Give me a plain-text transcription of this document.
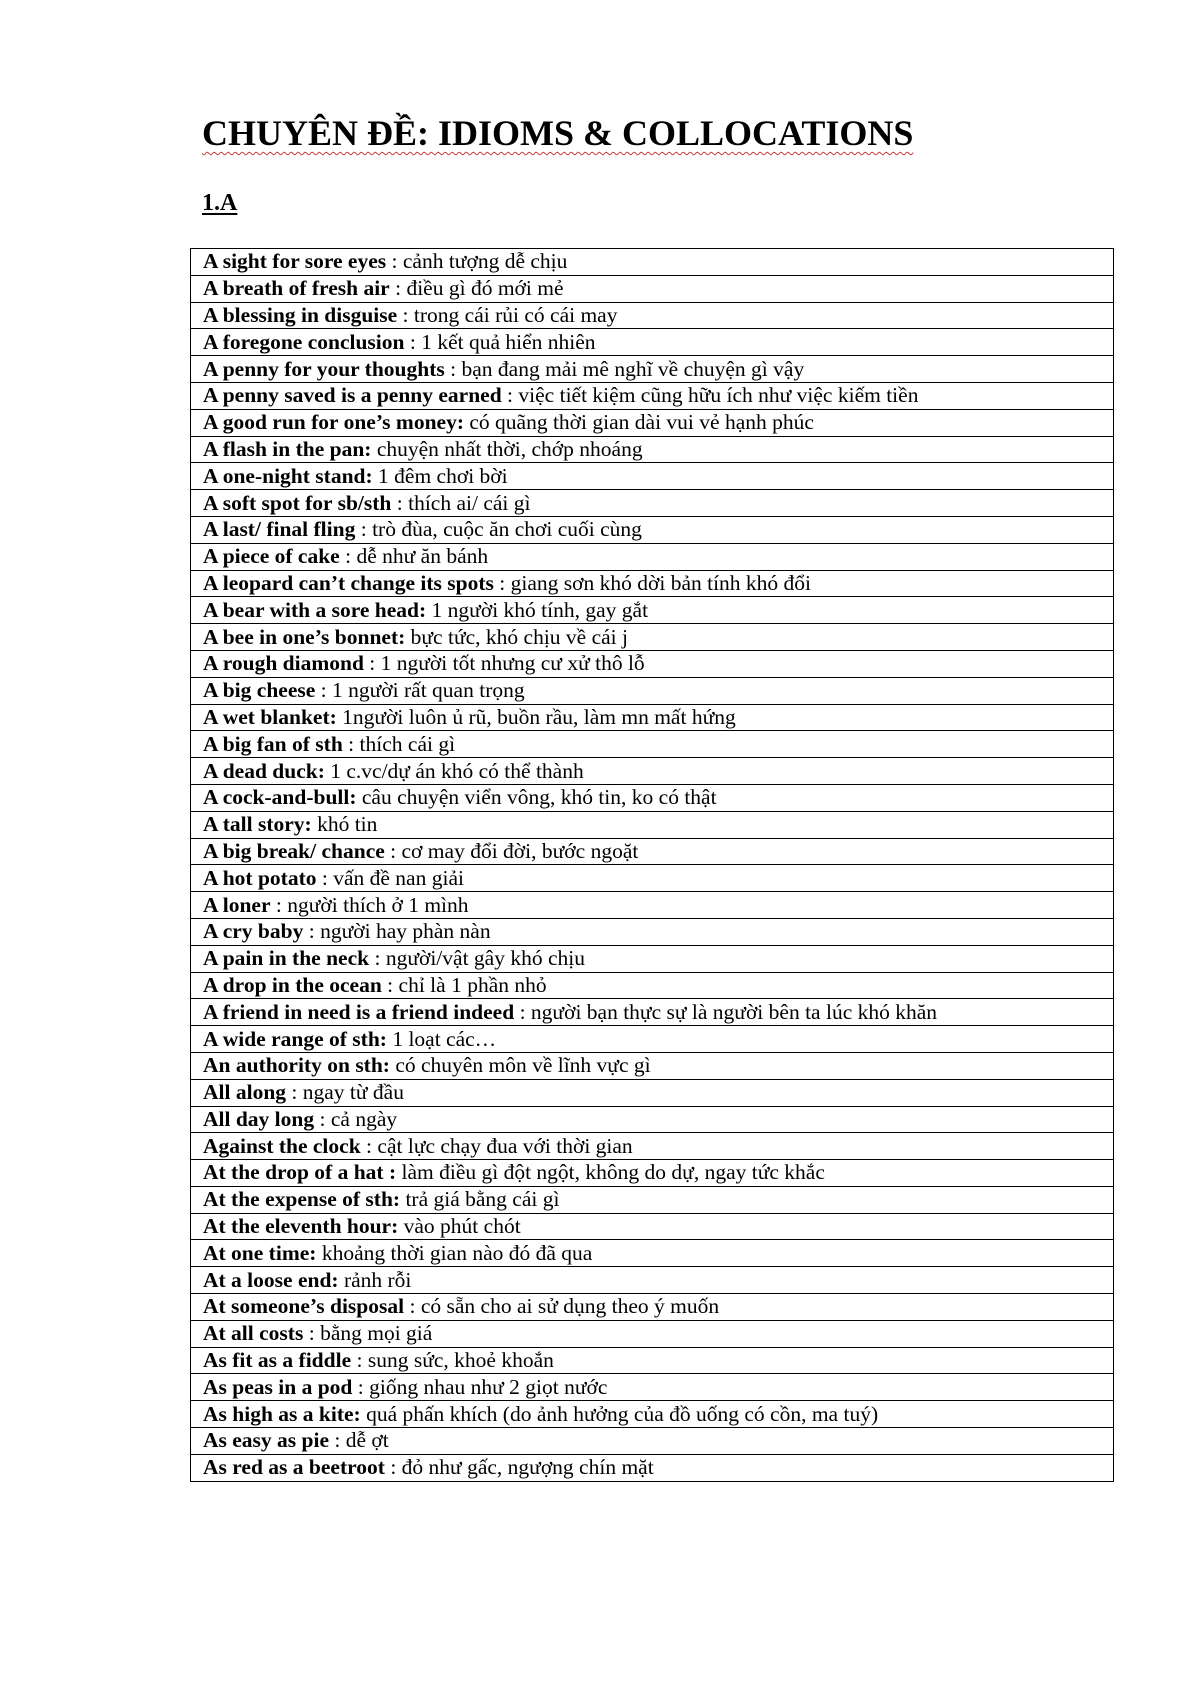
CHUYÊN ĐỀ: IDIOMS & COLLOCATIONS
1.A
A sight for sore eyes : cảnh tượng dễ chịu
A breath of fresh air : điều gì đó mới mẻ
A blessing in disguise : trong cái rủi có cái may
A foregone conclusion : 1 kết quả hiển nhiên
A penny for your thoughts : bạn đang mải mê nghĩ về chuyện gì vậy
A penny saved is a penny earned : việc tiết kiệm cũng hữu ích như việc kiếm tiền
A good run for one’s money: có quãng thời gian dài vui vẻ hạnh phúc
A flash in the pan: chuyện nhất thời, chớp nhoáng
A one-night stand: 1 đêm chơi bời
A soft spot for sb/sth : thích ai/ cái gì
A last/ final fling : trò đùa, cuộc ăn chơi cuối cùng
A piece of cake : dễ như ăn bánh
A leopard can’t change its spots : giang sơn khó dời bản tính khó đổi
A bear with a sore head: 1 người khó tính, gay gắt
A bee in one’s bonnet: bực tức, khó chịu về cái j
A rough diamond : 1 người tốt nhưng cư xử thô lỗ
A big cheese : 1 người rất quan trọng
A wet blanket: 1người luôn ủ rũ, buồn rầu, làm mn mất hứng
A big fan of sth : thích cái gì
A dead duck: 1 c.vc/dự án khó có thể thành
A cock-and-bull: câu chuyện viển vông, khó tin, ko có thật
A tall story: khó tin
A big break/ chance : cơ may đổi đời, bước ngoặt
A hot potato : vấn đề nan giải
A loner : người thích ở 1 mình
A cry baby : người hay phàn nàn
A pain in the neck : người/vật gây khó chịu
A drop in the ocean : chỉ là 1 phần nhỏ
A friend in need is a friend indeed : người bạn thực sự là người bên ta lúc khó khăn
A wide range of sth: 1 loạt các…
An authority on sth: có chuyên môn về lĩnh vực gì
All along : ngay từ đầu
All day long : cả ngày
Against the clock : cật lực chạy đua với thời gian
At the drop of a hat : làm điều gì đột ngột, không do dự, ngay tức khắc
At the expense of sth: trả giá bằng cái gì
At the eleventh hour: vào phút chót
At one time: khoảng thời gian nào đó đã qua
At a loose end: rảnh rỗi
At someone’s disposal : có sẵn cho ai sử dụng theo ý muốn
At all costs : bằng mọi giá
As fit as a fiddle : sung sức, khoẻ khoắn
As peas in a pod : giống nhau như 2 giọt nước
As high as a kite: quá phấn khích (do ảnh hưởng của đồ uống có cồn, ma tuý)
As easy as pie : dễ ợt
As red as a beetroot : đỏ như gấc, ngượng chín mặt
